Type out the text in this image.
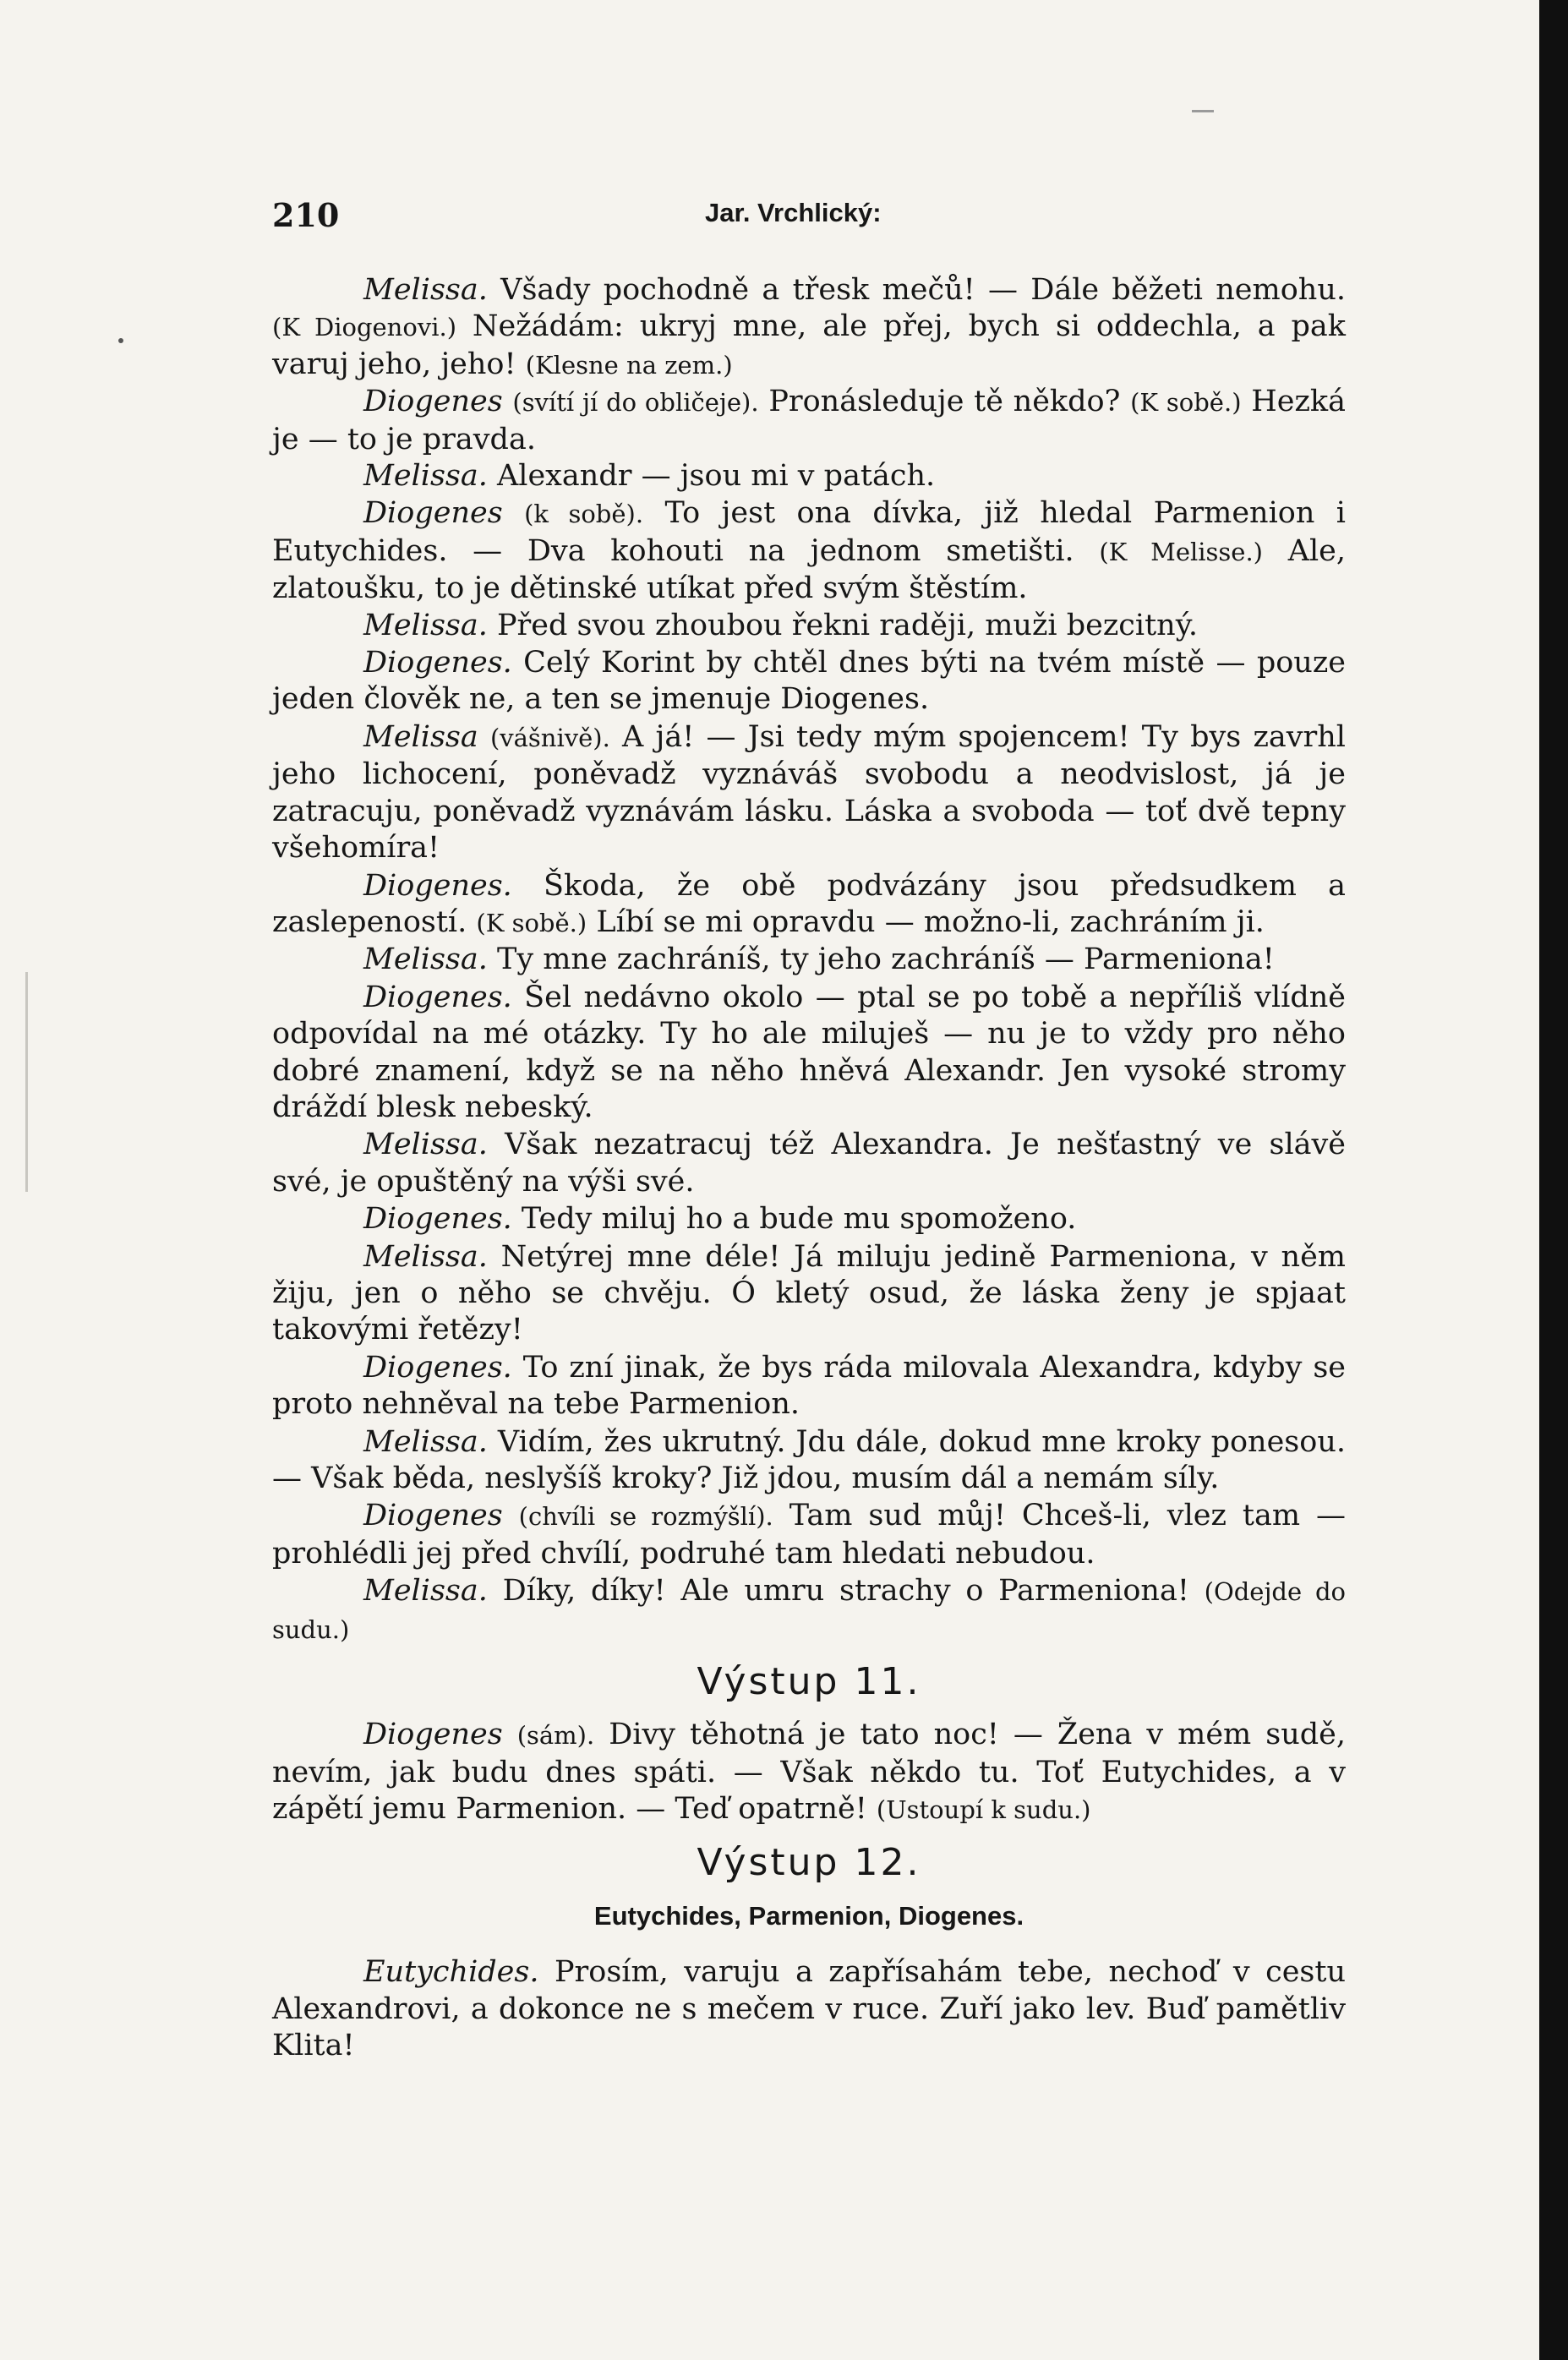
210	Jar. Vrchlický:

Melissa. Všady pochodně a třesk mečů! — Dále běžeti nemohu. (K Diogenovi.) Nežádám: ukryj mne, ale přej, bych si oddechla, a pak varuj jeho, jeho! (Klesne na zem.)

Diogenes (svítí jí do obličeje). Pronásleduje tě někdo? (K sobě.) Hezká je — to je pravda.

Melissa. Alexandr — jsou mi v patách.

Diogenes (k sobě). To jest ona dívka, již hledal Parmenion i Eutychides. — Dva kohouti na jednom smetišti. (K Melisse.) Ale, zlatoušku, to je dětinské utíkat před svým štěstím.

Melissa. Před svou zhoubou řekni raději, muži bezcitný.

Diogenes. Celý Korint by chtěl dnes býti na tvém místě — pouze jeden člověk ne, a ten se jmenuje Diogenes.

Melissa (vášnivě). A já! — Jsi tedy mým spojencem! Ty bys zavrhl jeho lichocení, poněvadž vyznáváš svobodu a neodvislost, já je zatracuju, poněvadž vyznávám lásku. Láska a svoboda — toť dvě tepny všehomíra!

Diogenes. Škoda, že obě podvázány jsou předsudkem a zaslepeností. (K sobě.) Líbí se mi opravdu — možno-li, zachráním ji.

Melissa. Ty mne zachráníš, ty jeho zachráníš — Parmeniona!

Diogenes. Šel nedávno okolo — ptal se po tobě a nepříliš vlídně odpovídal na mé otázky. Ty ho ale miluješ — nu je to vždy pro něho dobré znamení, když se na něho hněvá Alexandr. Jen vysoké stromy dráždí blesk nebeský.

Melissa. Však nezatracuj též Alexandra. Je nešťastný ve slávě své, je opuštěný na výši své.

Diogenes. Tedy miluj ho a bude mu spomoženo.

Melissa. Netýrej mne déle! Já miluju jedině Parmeniona, v něm žiju, jen o něho se chvěju. Ó kletý osud, že láska ženy je spjaat takovými řetězy!

Diogenes. To zní jinak, že bys ráda milovala Alexandra, kdyby se proto nehněval na tebe Parmenion.

Melissa. Vidím, žes ukrutný. Jdu dále, dokud mne kroky ponesou. — Však běda, neslyšíš kroky? Již jdou, musím dál a nemám síly.

Diogenes (chvíli se rozmýšlí). Tam sud můj! Chceš-li, vlez tam — prohlédli jej před chvílí, podruhé tam hledati nebudou.

Melissa. Díky, díky! Ale umru strachy o Parmeniona! (Odejde do sudu.)

Výstup 11.

Diogenes (sám). Divy těhotná je tato noc! — Žena v mém sudě, nevím, jak budu dnes spáti. — Však někdo tu. Toť Eutychides, a v zápětí jemu Parmenion. — Teď opatrně! (Ustoupí k sudu.)

Výstup 12.

Eutychides, Parmenion, Diogenes.

Eutychides. Prosím, varuju a zapřísahám tebe, nechoď v cestu Alexandrovi, a dokonce ne s mečem v ruce. Zuří jako lev. Buď pamětliv Klita!
